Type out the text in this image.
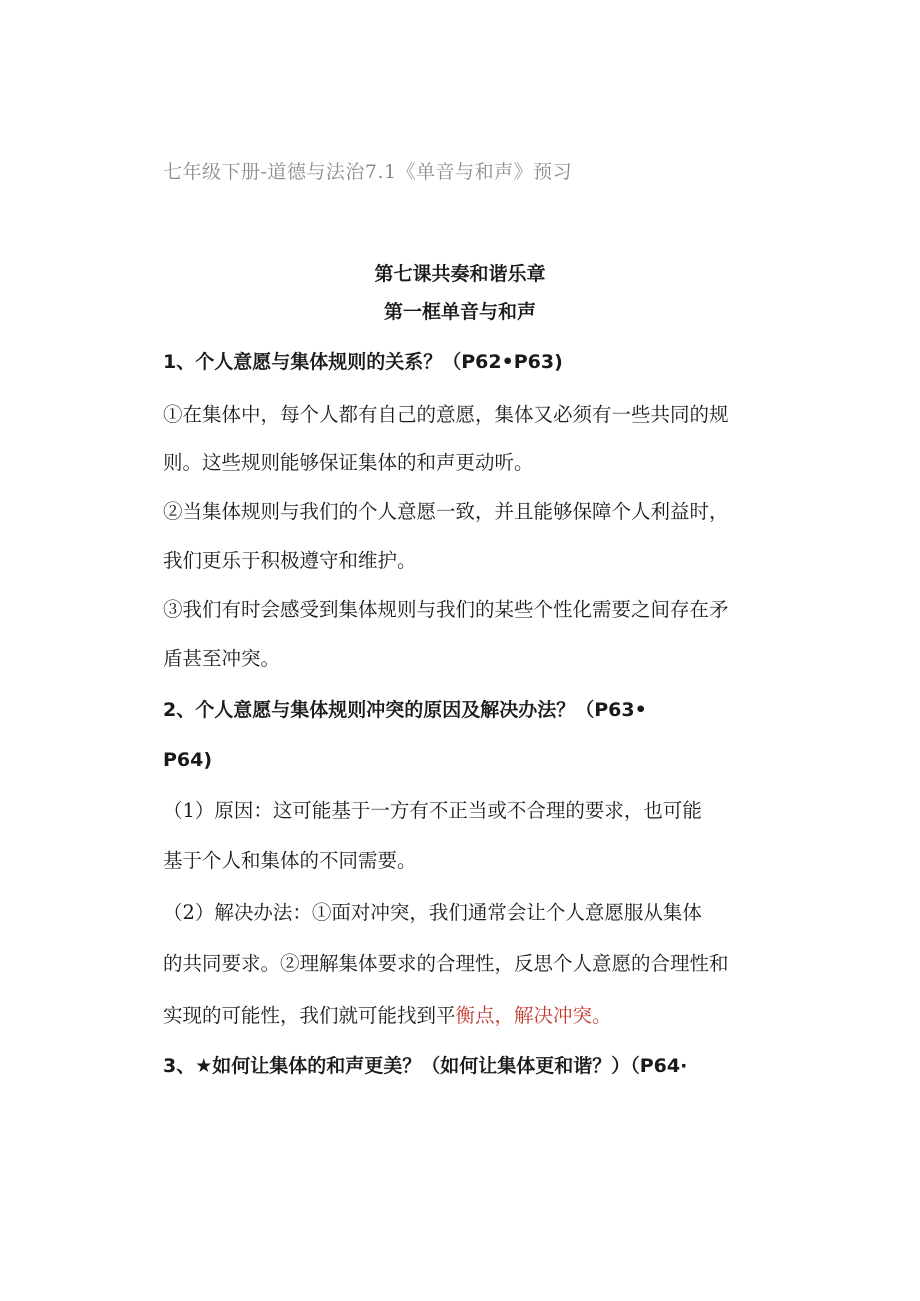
七年级下册-道德与法治7.1《单音与和声》预习

第七课共奏和谐乐章

第一框单音与和声

1、个人意愿与集体规则的关系？（P62•P63)

①在集体中，每个人都有自己的意愿，集体又必须有一些共同的规

则。这些规则能够保证集体的和声更动听。

②当集体规则与我们的个人意愿一致，并且能够保障个人利益时，

我们更乐于积极遵守和维护。

③我们有时会感受到集体规则与我们的某些个性化需要之间存在矛

盾甚至冲突。

2、个人意愿与集体规则冲突的原因及解决办法？（P63•

P64)

（1）原因：这可能基于一方有不正当或不合理的要求，也可能

基于个人和集体的不同需要。

（2）解决办法：①面对冲突，我们通常会让个人意愿服从集体

的共同要求。②理解集体要求的合理性，反思个人意愿的合理性和

实现的可能性，我们就可能找到平衡点，解决冲突。

3、★如何让集体的和声更美？（如何让集体更和谐？）（P64·
